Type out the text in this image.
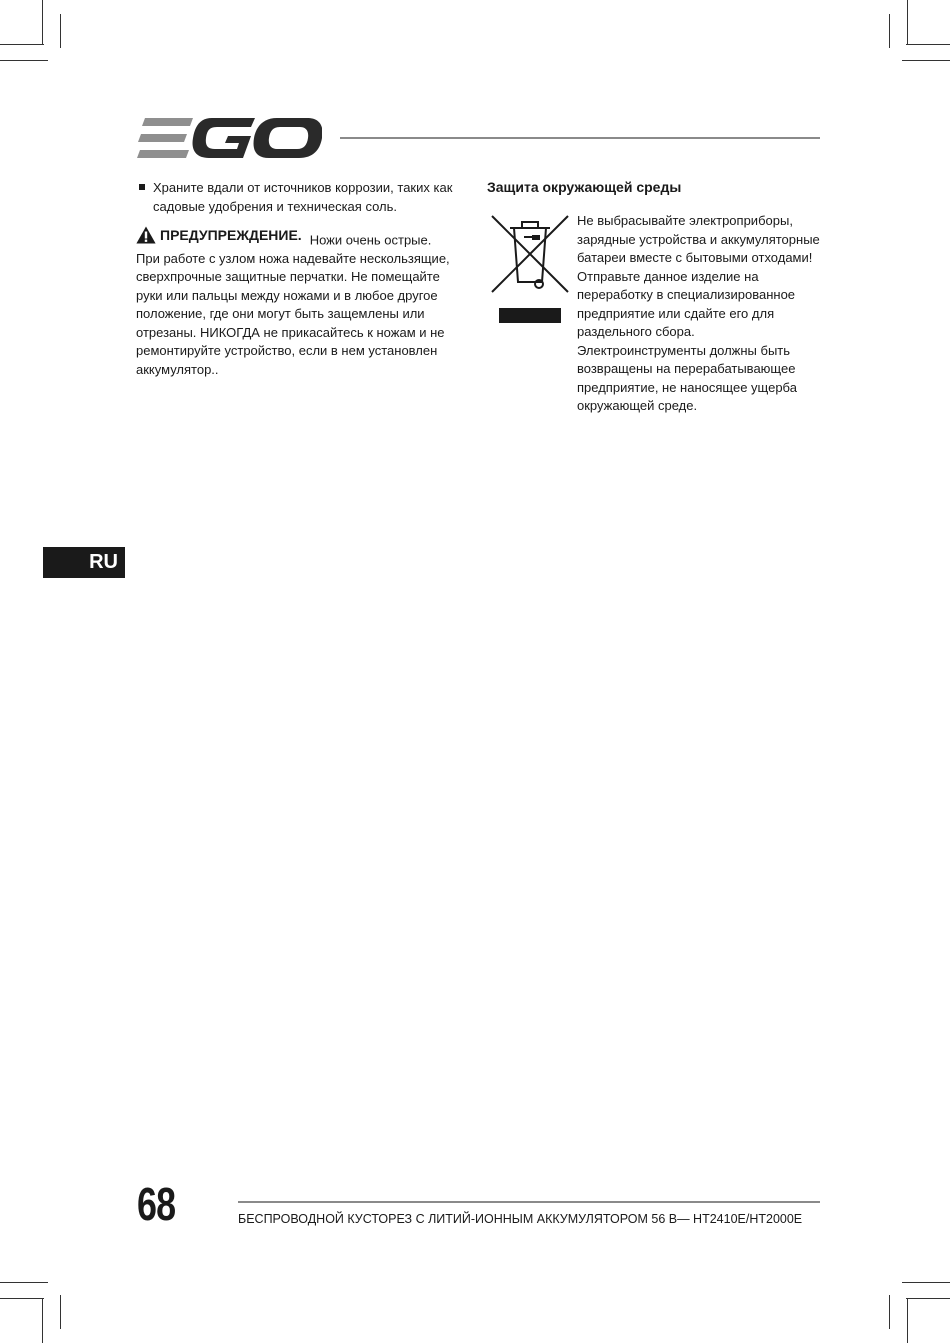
Храните вдали от источников коррозии, таких как садовые удобрения и техническая соль.
ПРЕДУПРЕЖДЕНИЕ. Ножи очень острые.
При работе с узлом ножа надевайте нескользящие, сверхпрочные защитные перчатки. Не помещайте руки или пальцы между ножами и в любое другое положение, где они могут быть защемлены или отрезаны. НИКОГДА не прикасайтесь к ножам и не ремонтируйте устройство, если в нем установлен аккумулятор..
Защита окружающей среды
Не выбрасывайте электроприборы, зарядные устройства и аккумуляторные батареи вместе с бытовыми отходами! Отправьте данное изделие на переработку в специализированное предприятие или сдайте его для раздельного сбора. Электроинструменты должны быть возвращены на перерабатывающее предприятие, не наносящее ущерба окружающей среде.
RU
68	БЕСПРОВОДНОЙ КУСТОРЕЗ С ЛИТИЙ-ИОННЫМ АККУМУЛЯТОРОМ 56 В— HT2410E/HT2000E
